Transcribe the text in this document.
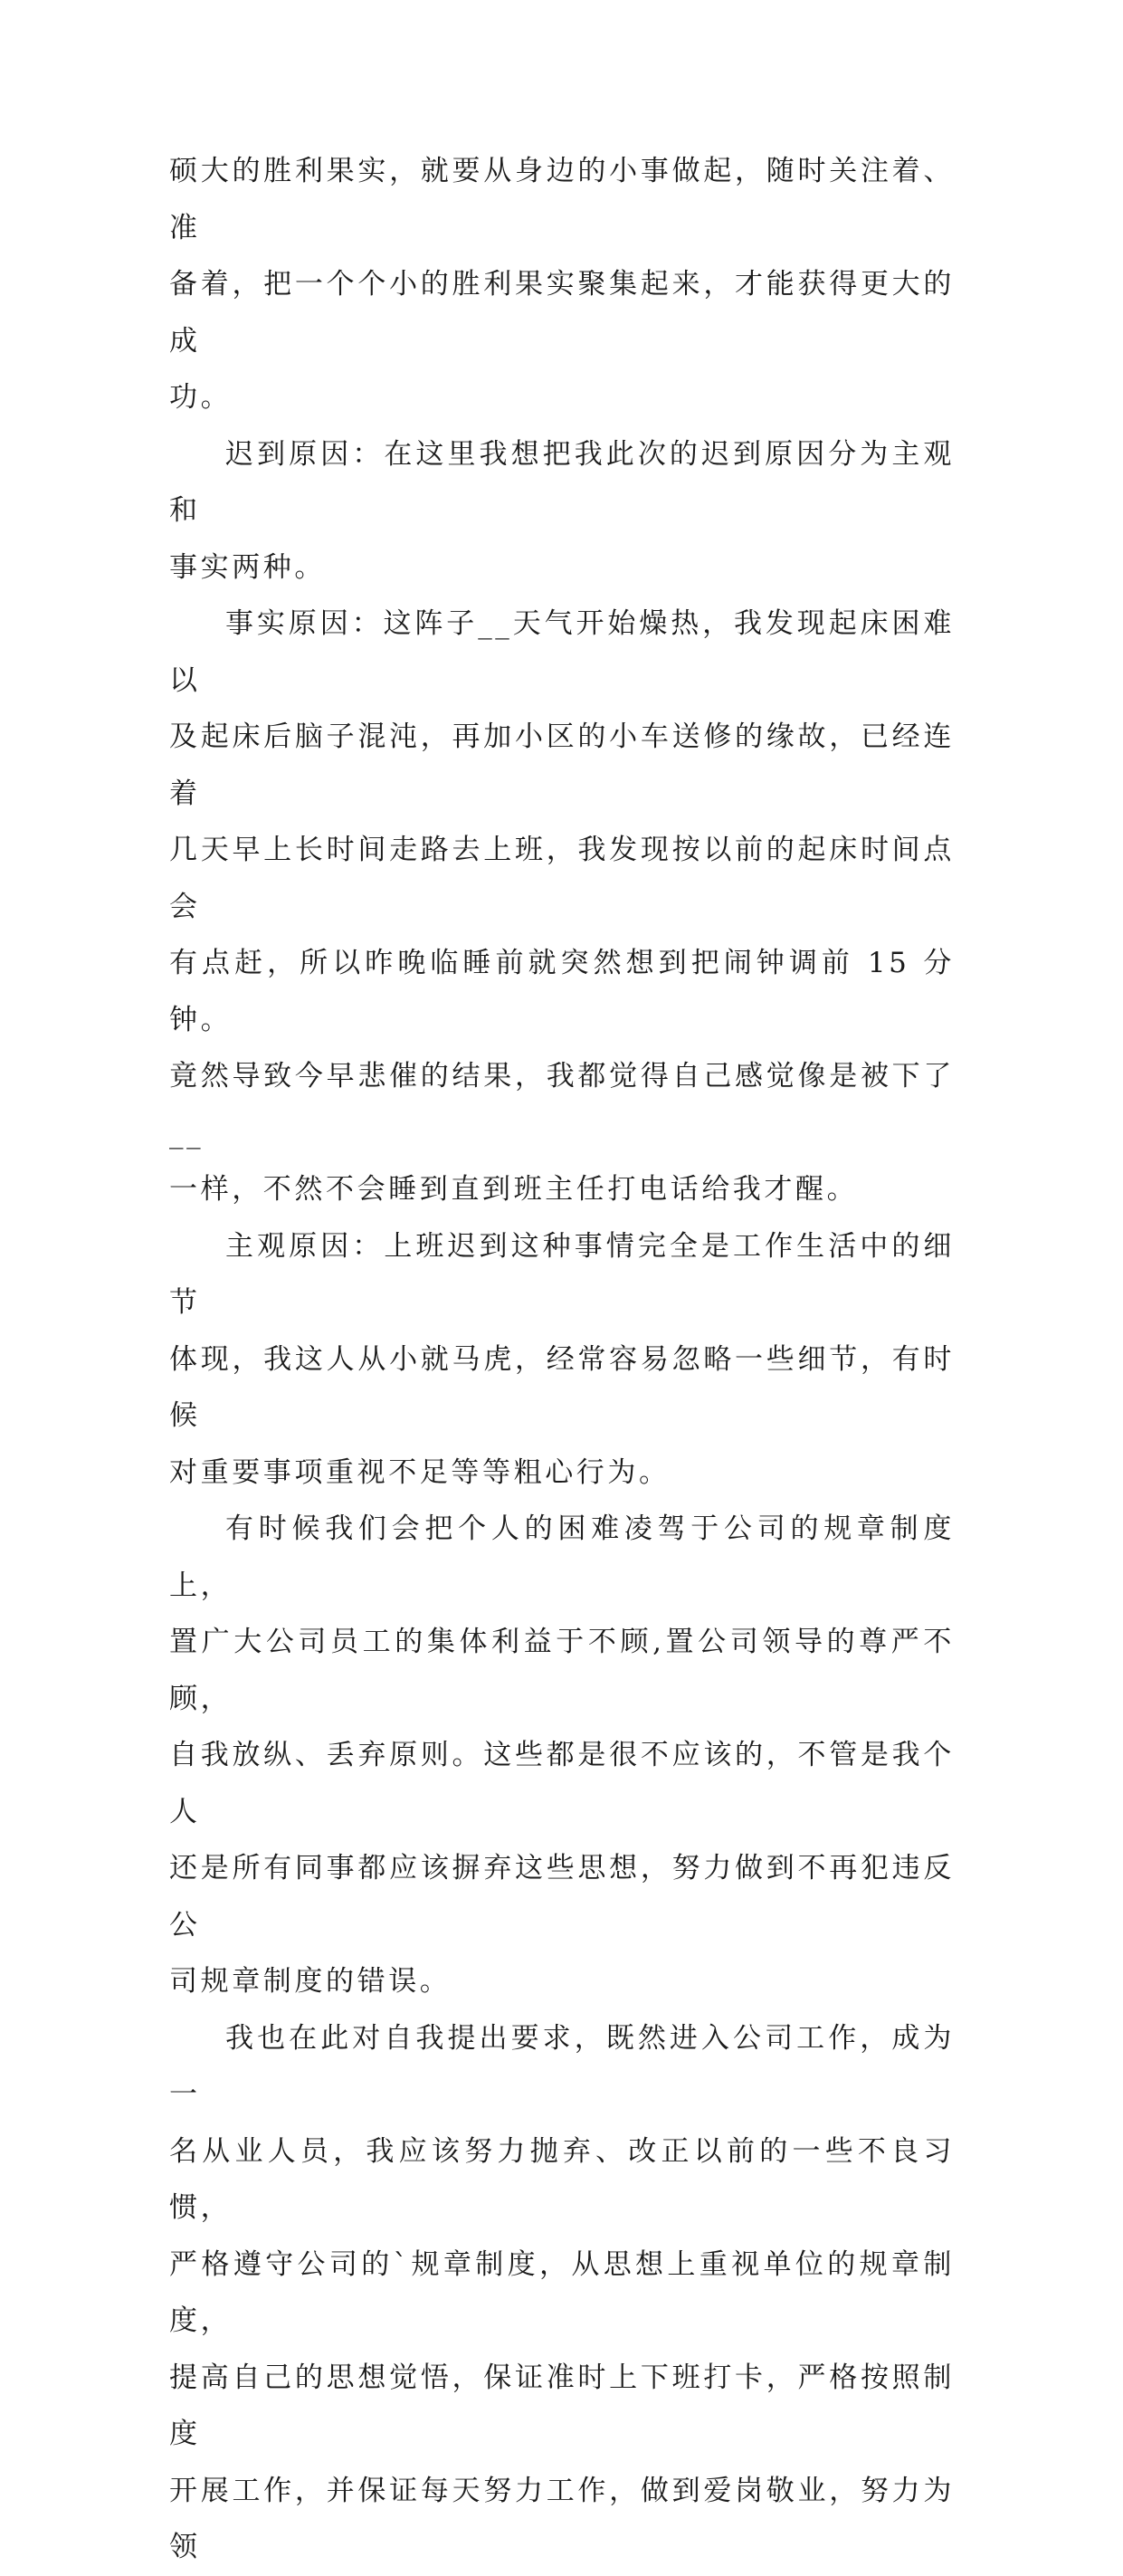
硕大的胜利果实，就要从身边的小事做起，随时关注着、准
备着，把一个个小的胜利果实聚集起来，才能获得更大的成
功。

迟到原因：在这里我想把我此次的迟到原因分为主观和
事实两种。

事实原因：这阵子__天气开始燥热，我发现起床困难以
及起床后脑子混沌，再加小区的小车送修的缘故，已经连着
几天早上长时间走路去上班，我发现按以前的起床时间点会
有点赶，所以昨晚临睡前就突然想到把闹钟调前 15 分钟。
竟然导致今早悲催的结果，我都觉得自己感觉像是被下了__
一样，不然不会睡到直到班主任打电话给我才醒。

主观原因：上班迟到这种事情完全是工作生活中的细节
体现，我这人从小就马虎，经常容易忽略一些细节，有时候
对重要事项重视不足等等粗心行为。

有时候我们会把个人的困难凌驾于公司的规章制度上，
置广大公司员工的集体利益于不顾,置公司领导的尊严不顾，
自我放纵、丢弃原则。这些都是很不应该的，不管是我个人
还是所有同事都应该摒弃这些思想，努力做到不再犯违反公
司规章制度的错误。

我也在此对自我提出要求，既然进入公司工作，成为一
名从业人员，我应该努力抛弃、改正以前的一些不良习惯，
严格遵守公司的`规章制度，从思想上重视单位的规章制度，
提高自己的思想觉悟，保证准时上下班打卡，严格按照制度
开展工作，并保证每天努力工作，做到爱岗敬业，努力为领
